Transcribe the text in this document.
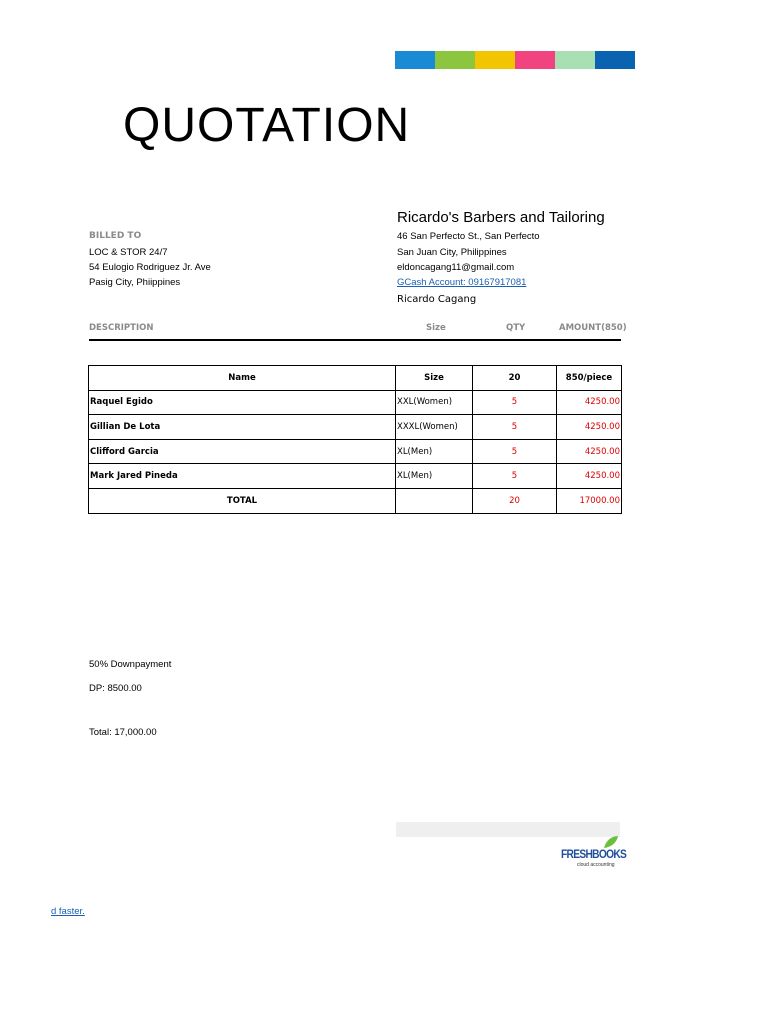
QUOTATION
BILLED TO
LOC & STOR 24/7
54 Eulogio Rodriguez Jr. Ave
Pasig City, Phiippines
Ricardo's Barbers and Tailoring
46 San Perfecto St., San Perfecto
San Juan City, Philippines
eldoncagang11@gmail.com
GCash Account: 09167917081
Ricardo Cagang
DESCRIPTION	Size	QTY	AMOUNT(850)
Name	Size	20	850/piece
Raquel Egido	XXL(Women)	5	4250.00
Gillian De Lota	XXXL(Women)	5	4250.00
Clifford Garcia	XL(Men)	5	4250.00
Mark Jared Pineda	XL(Men)	5	4250.00
TOTAL		20	17000.00
50% Downpayment
DP: 8500.00
Total: 17,000.00
FRESHBOOKS
cloud accounting
d faster.
